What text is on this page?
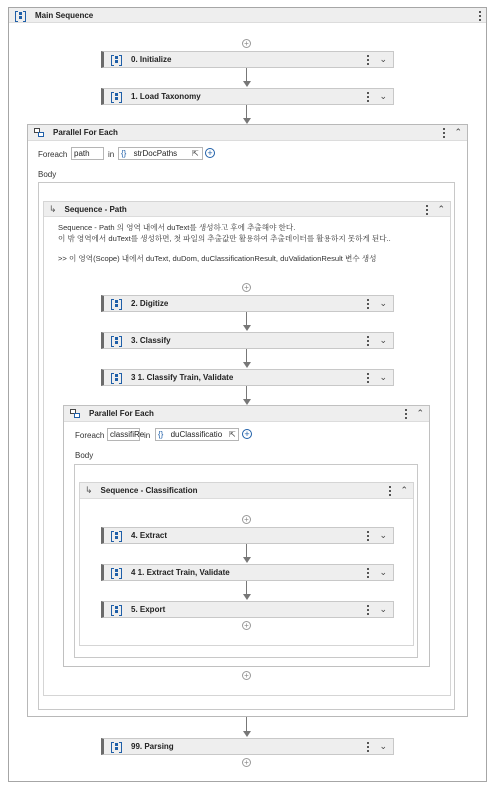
Main Sequence
+
0. Initialize	⌄
1. Load Taxonomy	⌄
Parallel For Each	⌃
Foreach path	in {} strDocPaths	⇱ +
Body
↳ Sequence - Path	⌃
Sequence - Path 의 영역 내에서 duText를 생성하고 후에 추출해야 한다.
이 밖 영역에서 duText를 생성하면, 첫 파일의 추출값만 활용하여 추출데이터를 활용하지 못하게 된다..
>> 이 영역(Scope) 내에서 duText, duDom, duClassificationResult, duValidationResult 변수 생성
+
2. Digitize	⌄
3. Classify	⌄
3 1. Classify Train, Validate	⌄
Parallel For Each	⌃
Foreach classifiRe in {} duClassificatio ⇱ +
Body
↳ Sequence - Classification	⌃
+
4. Extract	⌄
4 1. Extract Train, Validate	⌄
5. Export	⌄
+
+
99. Parsing	⌄
+
